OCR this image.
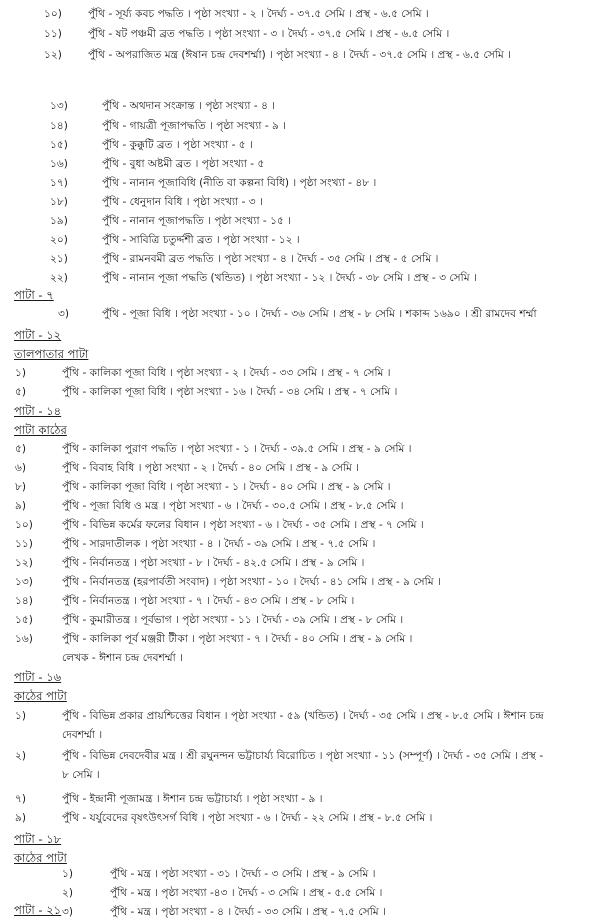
১০) পুঁথি - সূর্য্য কবচ পদ্ধতি । পৃষ্ঠা সংখ্যা - ২ । দৈর্ঘ্য - ৩৭.৫ সেমি । প্রস্থ - ৬.৫ সেমি ।
১১) পুঁথি - ষট পঞ্চমী ব্রত পদ্ধতি । পৃষ্ঠা সংখ্যা - ৩ । দৈর্ঘ্য - ৩৭.৫ সেমি । প্রস্থ - ৬.৫ সেমি ।
১২) পুঁথি - অপরাজিত মন্ত্র (ঈষান চন্দ্র দেবশর্ম্মা) । পৃষ্ঠা সংখ্যা - ৪ । দৈর্ঘ্য - ৩৭.৫ সেমি । প্রস্থ - ৬.৫ সেমি ।
১৩)	পুঁথি - অথদান সংক্রান্ত । পৃষ্ঠা সংখ্যা - ৪ ।
১৪)	পুঁথি - গায়ত্রী পূজাপদ্ধতি । পৃষ্ঠা সংখ্যা - ৯ ।
১৫)	পুঁথি - কুক্কুটি ব্রত । পৃষ্ঠা সংখ্যা - ৫ ।
১৬)	পুঁথি - বুধা অষ্টমী ব্রত । পৃষ্ঠা সংখ্যা - ৫
১৭)	পুঁথি - নানান পূজাবিধি (নীতি বা কল্পনা বিধি) । পৃষ্ঠা সংখ্যা - ৪৮ ।
১৮)	পুঁথি - ধেনুদান বিধি । পৃষ্ঠা সংখ্যা - ৩ ।
১৯)	পুঁথি - নানান পূজাপদ্ধতি । পৃষ্ঠা সংখ্যা - ১৫ ।
২০)	পুঁথি - সাবিত্রি চতুর্দ্দশী ব্রত । পৃষ্ঠা সংখ্যা - ১২ ।
২১)	পুঁথি - রামনবমী ব্রত পদ্ধতি । পৃষ্ঠা সংখ্যা - ৪ । দৈর্ঘ্য - ৩৫ সেমি । প্রস্থ - ৫ সেমি ।
২২)	পুঁথি - নানান পূজা পদ্ধতি (খন্ডিত) । পৃষ্ঠা সংখ্যা - ১২ । দৈর্ঘ্য - ৩৮ সেমি । প্রস্থ - ৩ সেমি ।
পাটা - ৭
৩)	পুঁথি - পূজা বিধি । পৃষ্ঠা সংখ্যা - ১০ । দৈর্ঘ্য - ৩৬ সেমি । প্রস্থ - ৮ সেমি । শকাব্দ ১৬৯০ । শ্রী রামদেব শর্ম্মা
পাটা - ১২
তালপাতার পাটা
১)	পুঁথি - কালিকা পূজা বিধি । পৃষ্ঠা সংখ্যা - ২ । দৈর্ঘ্য - ৩৩ সেমি । প্রস্থ - ৭ সেমি ।
৫)	পুঁথি - কালিকা পূজা বিধি । পৃষ্ঠা সংখ্যা - ১৬ । দৈর্ঘ্য - ৩৪ সেমি । প্রস্থ - ৭ সেমি ।
পাটা - ১৪
পাটা কাঠের
৫)	পুঁথি - কালিকা পুরাণ পদ্ধতি । পৃষ্ঠা সংখ্যা - ১ । দৈর্ঘ্য - ৩৯.৫ সেমি । প্রস্থ - ৯ সেমি ।
৬)	পুঁথি - বিবাহ বিধি । পৃষ্ঠা সংখ্যা - ২ । দৈর্ঘ্য - ৪০ সেমি । প্রস্থ - ৯ সেমি ।
৮)	পুঁথি - কালিকা পূজা বিধি । পৃষ্ঠা সংখ্যা - ১ । দৈর্ঘ্য - ৪০ সেমি । প্রস্থ - ৯ সেমি ।
৯)	পুঁথি - পূজা বিধি ও মন্ত্র । পৃষ্ঠা সংখ্যা - ৬ । দৈর্ঘ্য - ৩০.৫ সেমি । প্রস্থ - ৮.৫ সেমি ।
১০)	পুঁথি - বিভিন্ন কর্মের ফলের বিধান । পৃষ্ঠা সংখ্যা - ৬ । দৈর্ঘ্য - ৩৫ সেমি । প্রস্থ - ৭ সেমি ।
১১)	পুঁথি - সারদাতীলক । পৃষ্ঠা সংখ্যা - ৪ । দৈর্ঘ্য - ৩৯ সেমি । প্রস্থ - ৭.৫ সেমি ।
১২)	পুঁথি - নির্বানতন্ত্র । পৃষ্ঠা সংখ্যা - ৮ । দৈর্ঘ্য - ৪২.৫ সেমি । প্রস্থ - ৯ সেমি ।
১৩)	পুঁথি - নির্বানতন্ত্র (হরপার্বতী সংবাদ) । পৃষ্ঠা সংখ্যা - ১০ । দৈর্ঘ্য - ৪১ সেমি । প্রস্থ - ৯ সেমি ।
১৪)	পুঁথি - নির্বানতন্ত্র । পৃষ্ঠা সংখ্যা - ৭ । দৈর্ঘ্য - ৪৩ সেমি । প্রস্থ - ৮ সেমি ।
১৫)	পুঁথি - কুমারীতন্ত্র । পূর্বভাগ । পৃষ্ঠা সংখ্যা - ১১ । দৈর্ঘ্য - ৩৯ সেমি । প্রস্থ - ৮ সেমি ।
১৬)	পুঁথি - কালিকা পূর্ব মঞ্জরী টীকা । পৃষ্ঠা সংখ্যা - ৭ । দৈর্ঘ্য - ৪০ সেমি । প্রস্থ - ৯ সেমি ।
লেখক - ঈশান চন্দ্র দেবশর্ম্মা ।
পাটা - ১৬
কাঠের পাটা
১)	পুঁথি - বিভিন্ন প্রকার প্রায়শ্চিত্তের বিধান । পৃষ্ঠা সংখ্যা - ৫৯ (খন্ডিত) । দৈর্ঘ্য - ৩৫ সেমি । প্রস্থ - ৮.৫ সেমি । ঈশান চন্দ্র
দেবশর্ম্মা ।
২)	পুঁথি - বিভিন্ন দেবদেবীর মন্ত্র । শ্রী রঘুনন্দন ভট্টাচার্য্য বিরোচিত । পৃষ্ঠা সংখ্যা - ১১ (সম্পূর্ণ) । দৈর্ঘ্য - ৩৫ সেমি । প্রস্থ -
৮ সেমি ।
৭)	পুঁথি - ইন্দ্রানী পূজামন্ত্র । ঈশান চন্দ্র ভট্টাচার্য্য । পৃষ্ঠা সংখ্যা - ৯ ।
৯)	পুঁথি - যর্যুবেদের বৃষৎউৎসর্গ বিধি । পৃষ্ঠা সংখ্যা - ৬ । দৈর্ঘ্য - ২২ সেমি । প্রস্থ - ৮.৫ সেমি ।
পাটা - ১৮
কাঠের পাটা
১)	পুঁথি - মন্ত্র । পৃষ্ঠা সংখ্যা - ৩১ । দৈর্ঘ্য - ৩ সেমি । প্রস্থ - ৯ সেমি ।
২)	পুঁথি - মন্ত্র । পৃষ্ঠা সংখ্যা -৪৩ । দৈর্ঘ্য - ৩ সেমি । প্রস্থ - ৫.৫ সেমি ।
৩)	পুঁথি - মন্ত্র । পৃষ্ঠা সংখ্যা - ৪ । দৈর্ঘ্য - ৩৩ সেমি । প্রস্থ - ৭.৫ সেমি ।
পাটা - ২১
